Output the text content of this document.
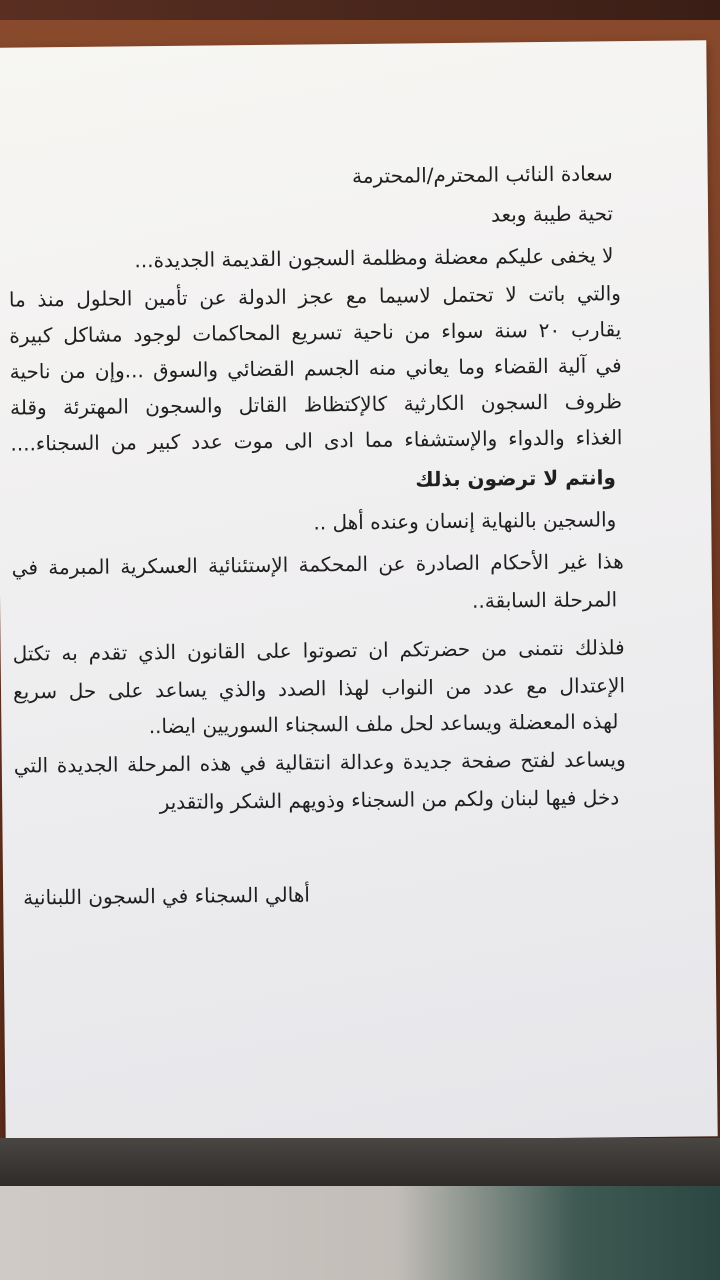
سعادة النائب المحترم/المحترمة
تحية طيبة وبعد
لا يخفى عليكم معضلة ومظلمة السجون القديمة الجديدة...
والتي باتت لا تحتمل لاسيما مع عجز الدولة عن تأمين الحلول منذ ما
يقارب ٢٠ سنة سواء من ناحية تسريع المحاكمات لوجود مشاكل كبيرة
في آلية القضاء وما يعاني منه الجسم القضائي والسوق ...وإن من ناحية
ظروف السجون الكارثية كالإكتظاظ القاتل والسجون المهترئة وقلة
الغذاء والدواء والإستشفاء مما ادى الى موت عدد كبير من السجناء....
وانتم لا ترضون بذلك
والسجين بالنهاية إنسان وعنده أهل ..
هذا غير الأحكام الصادرة عن المحكمة الإستئنائية العسكرية المبرمة في
المرحلة السابقة..
فلذلك نتمنى من حضرتكم ان تصوتوا على القانون الذي تقدم به تكتل
الإعتدال مع عدد من النواب لهذا الصدد والذي يساعد على حل سريع
لهذه المعضلة ويساعد لحل ملف السجناء السوريين ايضا..
ويساعد لفتح صفحة جديدة وعدالة انتقالية في هذه المرحلة الجديدة التي
دخل فيها لبنان ولكم من السجناء وذويهم الشكر والتقدير
أهالي السجناء في السجون اللبنانية
